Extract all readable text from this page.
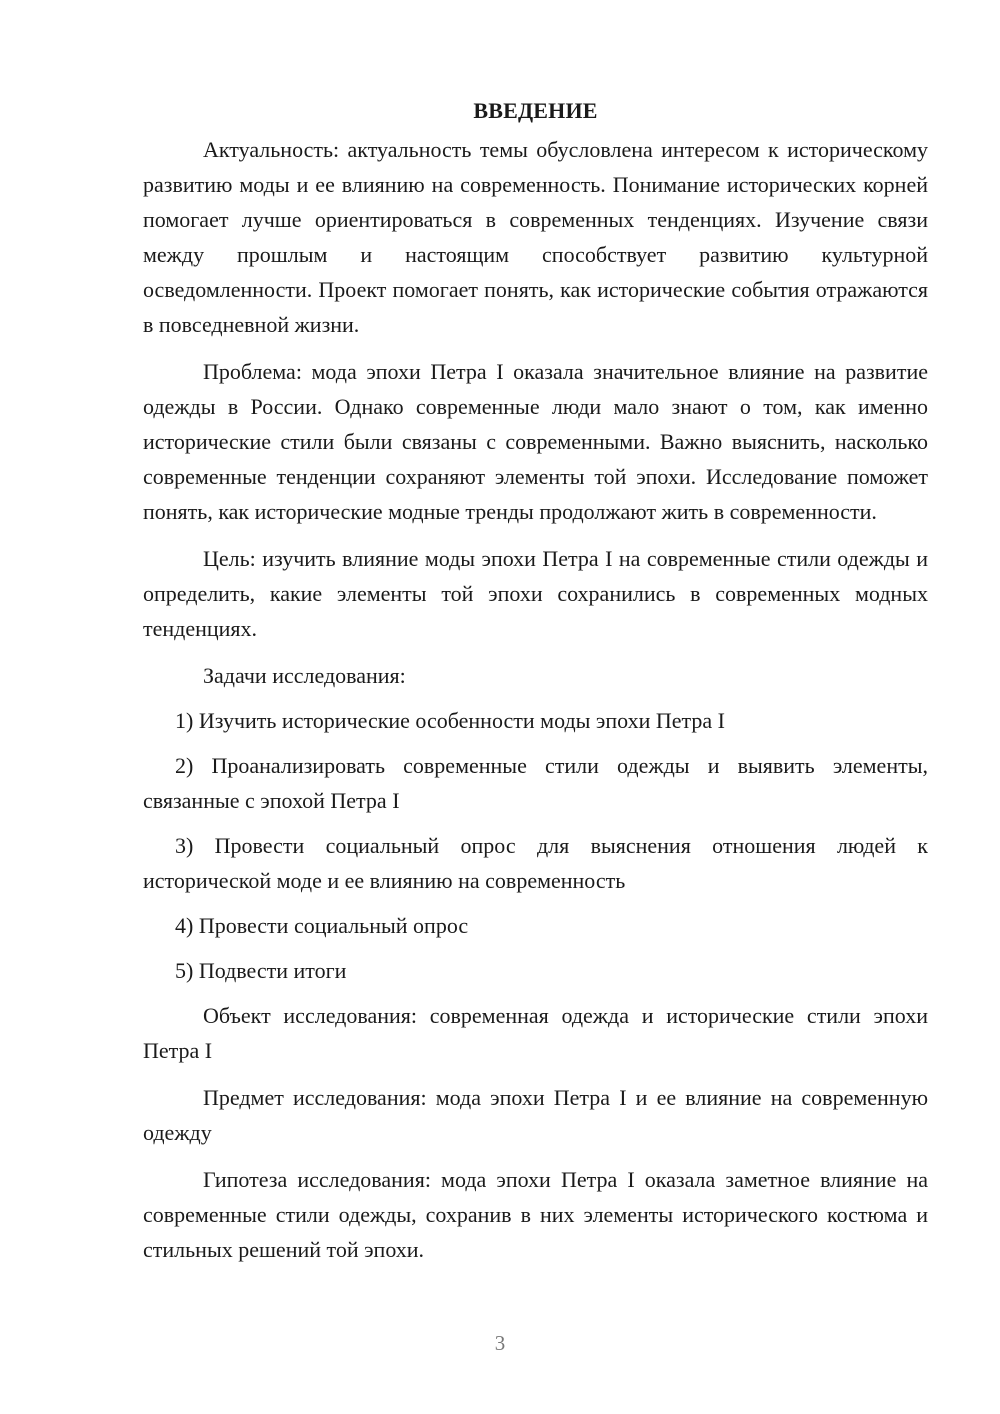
ВВЕДЕНИЕ

Актуальность: актуальность темы обусловлена интересом к историческому развитию моды и ее влиянию на современность. Понимание исторических корней помогает лучше ориентироваться в современных тенденциях. Изучение связи между прошлым и настоящим способствует развитию культурной осведомленности. Проект помогает понять, как исторические события отражаются в повседневной жизни.

Проблема: мода эпохи Петра I оказала значительное влияние на развитие одежды в России. Однако современные люди мало знают о том, как именно исторические стили были связаны с современными. Важно выяснить, насколько современные тенденции сохраняют элементы той эпохи. Исследование поможет понять, как исторические модные тренды продолжают жить в современности.

Цель: изучить влияние моды эпохи Петра I на современные стили одежды и определить, какие элементы той эпохи сохранились в современных модных тенденциях.

Задачи исследования:

1) Изучить исторические особенности моды эпохи Петра I

2) Проанализировать современные стили одежды и выявить элементы, связанные с эпохой Петра I

3) Провести социальный опрос для выяснения отношения людей к исторической моде и ее влиянию на современность

4) Провести социальный опрос

5) Подвести итоги

Объект исследования: современная одежда и исторические стили эпохи Петра I

Предмет исследования: мода эпохи Петра I и ее влияние на современную одежду

Гипотеза исследования: мода эпохи Петра I оказала заметное влияние на современные стили одежды, сохранив в них элементы исторического костюма и стильных решений той эпохи.

3
